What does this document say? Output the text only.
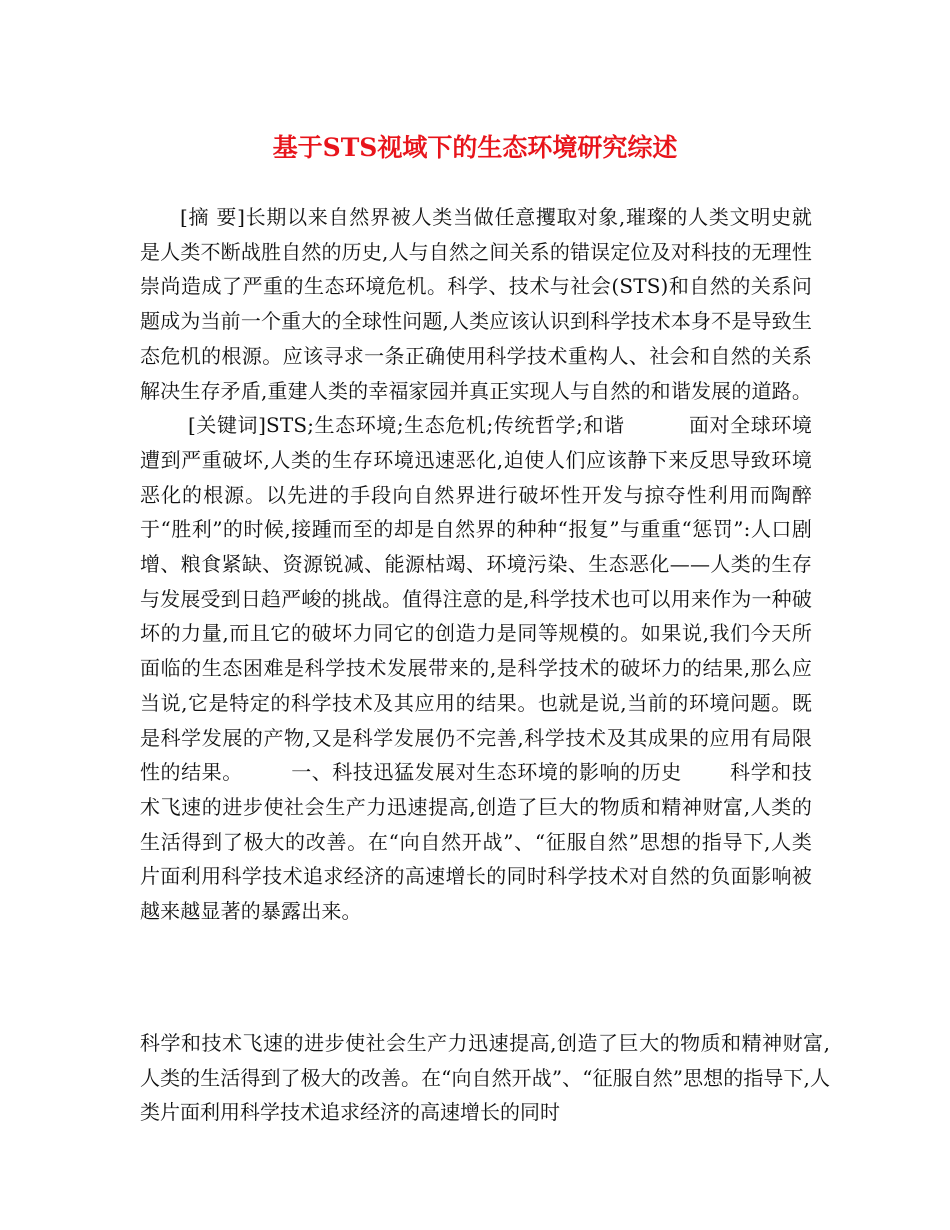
基于STS视域下的生态环境研究综述

[摘 要]长期以来自然界被人类当做任意攫取对象,璀璨的人类文明史就是人类不断战胜自然的历史,人与自然之间关系的错误定位及对科技的无理性崇尚造成了严重的生态环境危机。科学、技术与社会(STS)和自然的关系问题成为当前一个重大的全球性问题,人类应该认识到科学技术本身不是导致生态危机的根源。应该寻求一条正确使用科学技术重构人、社会和自然的关系解决生存矛盾,重建人类的幸福家园并真正实现人与自然的和谐发展的道路。[关键词]STS;生态环境;生态危机;传统哲学;和谐	面对全球环境遭到严重破坏,人类的生存环境迅速恶化,迫使人们应该静下来反思导致环境恶化的根源。以先进的手段向自然界进行破坏性开发与掠夺性利用而陶醉于“胜利”的时候,接踵而至的却是自然界的种种“报复”与重重“惩罚”:人口剧增、粮食紧缺、资源锐减、能源枯竭、环境污染、生态恶化——人类的生存与发展受到日趋严峻的挑战。值得注意的是,科学技术也可以用来作为一种破坏的力量,而且它的破坏力同它的创造力是同等规模的。如果说,我们今天所面临的生态困难是科学技术发展带来的,是科学技术的破坏力的结果,那么应当说,它是特定的科学技术及其应用的结果。也就是说,当前的环境问题。既是科学发展的产物,又是科学发展仍不完善,科学技术及其成果的应用有局限性的结果。 一、科技迅猛发展对生态环境的影响的历史 科学和技术飞速的进步使社会生产力迅速提高,创造了巨大的物质和精神财富,人类的生活得到了极大的改善。在“向自然开战”、“征服自然”思想的指导下,人类片面利用科学技术追求经济的高速增长的同时科学技术对自然的负面影响被越来越显著的暴露出来。

科学和技术飞速的进步使社会生产力迅速提高,创造了巨大的物质和精神财富,人类的生活得到了极大的改善。在“向自然开战”、“征服自然”思想的指导下,人类片面利用科学技术追求经济的高速增长的同时
